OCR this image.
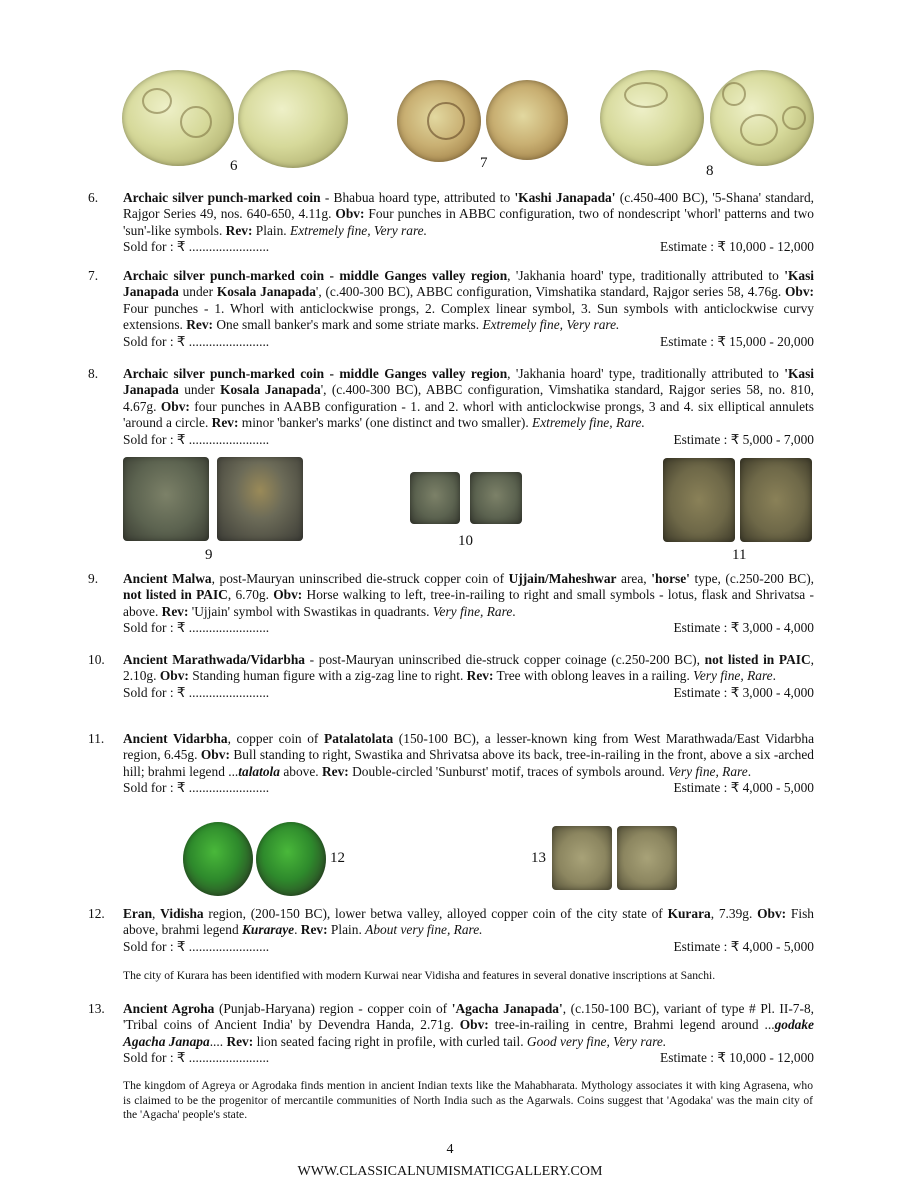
6	7	8
6. Archaic silver punch-marked coin - Bhabua hoard type, attributed to 'Kashi Janapada' (c.450-400 BC), '5-Shana' standard, Rajgor Series 49, nos. 640-650, 4.11g. Obv: Four punches in ABBC configuration, two of nondescript 'whorl' patterns and two 'sun'-like symbols. Rev: Plain. Extremely fine, Very rare.
Sold for : ₹ ........................	Estimate : ₹ 10,000 - 12,000
7. Archaic silver punch-marked coin - middle Ganges valley region, 'Jakhania hoard' type, traditionally attributed to 'Kasi Janapada under Kosala Janapada', (c.400-300 BC), ABBC configuration, Vimshatika standard, Rajgor series 58, 4.76g. Obv: Four punches - 1. Whorl with anticlockwise prongs, 2. Complex linear symbol, 3. Sun symbols with anticlockwise curvy extensions. Rev: One small banker's mark and some striate marks. Extremely fine, Very rare.
Sold for : ₹ ........................	Estimate : ₹ 15,000 - 20,000
8. Archaic silver punch-marked coin - middle Ganges valley region, 'Jakhania hoard' type, traditionally attributed to 'Kasi Janapada under Kosala Janapada', (c.400-300 BC), ABBC configuration, Vimshatika standard, Rajgor series 58, no. 810, 4.67g. Obv: four punches in AABB configuration - 1. and 2. whorl with anticlockwise prongs, 3 and 4. six elliptical annulets 'around a circle. Rev: minor 'banker's marks' (one distinct and two smaller). Extremely fine, Rare.
Sold for : ₹ ........................	Estimate : ₹ 5,000 - 7,000
9
10
11
9. Ancient Malwa, post-Mauryan uninscribed die-struck copper coin of Ujjain/Maheshwar area, 'horse' type, (c.250-200 BC), not listed in PAIC, 6.70g. Obv: Horse walking to left, tree-in-railing to right and small symbols - lotus, flask and Shrivatsa - above. Rev: 'Ujjain' symbol with Swastikas in quadrants. Very fine, Rare.
Sold for : ₹ ........................	Estimate : ₹ 3,000 - 4,000
10. Ancient Marathwada/Vidarbha - post-Mauryan uninscribed die-struck copper coinage (c.250-200 BC), not listed in PAIC, 2.10g. Obv: Standing human figure with a zig-zag line to right. Rev: Tree with oblong leaves in a railing. Very fine, Rare.
Sold for : ₹ ........................	Estimate : ₹ 3,000 - 4,000
11. Ancient Vidarbha, copper coin of Patalatolata (150-100 BC), a lesser-known king from West Marathwada/East Vidarbha region, 6.45g. Obv: Bull standing to right, Swastika and Shrivatsa above its back, tree-in-railing in the front, above a six -arched hill; brahmi legend ...talatola above. Rev: Double-circled 'Sunburst' motif, traces of symbols around. Very fine, Rare.
Sold for : ₹ ........................	Estimate : ₹ 4,000 - 5,000
12	13
12. Eran, Vidisha region, (200-150 BC), lower betwa valley, alloyed copper coin of the city state of Kurara, 7.39g. Obv: Fish above, brahmi legend Kuraraye. Rev: Plain. About very fine, Rare.
Sold for : ₹ ........................	Estimate : ₹ 4,000 - 5,000
The city of Kurara has been identified with modern Kurwai near Vidisha and features in several donative inscriptions at Sanchi.
13. Ancient Agroha (Punjab-Haryana) region - copper coin of 'Agacha Janapada', (c.150-100 BC), variant of type # Pl. II-7-8, 'Tribal coins of Ancient India' by Devendra Handa, 2.71g. Obv: tree-in-railing in centre, Brahmi legend around ...godake Agacha Janapa.... Rev: lion seated facing right in profile, with curled tail. Good very fine, Very rare.
Sold for : ₹ ........................	Estimate : ₹ 10,000 - 12,000
The kingdom of Agreya or Agrodaka finds mention in ancient Indian texts like the Mahabharata. Mythology associates it with king Agrasena, who is claimed to be the progenitor of mercantile communities of North India such as the Agarwals. Coins suggest that 'Agodaka' was the main city of the 'Agacha' people's state.
4
WWW.CLASSICALNUMISMATICGALLERY.COM
